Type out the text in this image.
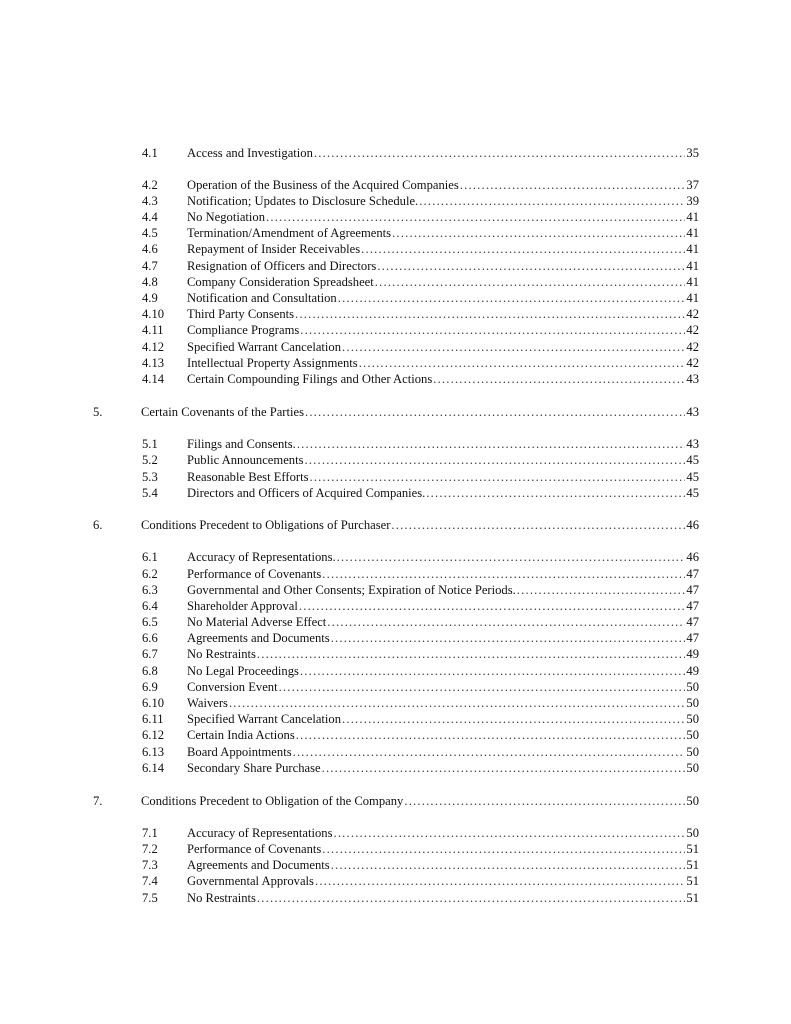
4.1	Access and Investigation .....	35
4.2	Operation of the Business of the Acquired Companies .....	37
4.3	Notification; Updates to Disclosure Schedule. .....	39
4.4	No Negotiation .....	41
4.5	Termination/Amendment of Agreements .....	41
4.6	Repayment of Insider Receivables .....	41
4.7	Resignation of Officers and Directors .....	41
4.8	Company Consideration Spreadsheet .....	41
4.9	Notification and Consultation .....	41
4.10	Third Party Consents .....	42
4.11	Compliance Programs .....	42
4.12	Specified Warrant Cancelation .....	42
4.13	Intellectual Property Assignments .....	42
4.14	Certain Compounding Filings and Other Actions .....	43
5.	Certain Covenants of the Parties .....	43
5.1	Filings and Consents. .....	43
5.2	Public Announcements .....	45
5.3	Reasonable Best Efforts .....	45
5.4	Directors and Officers of Acquired Companies. .....	45
6.	Conditions Precedent to Obligations of Purchaser .....	46
6.1	Accuracy of Representations. .....	46
6.2	Performance of Covenants .....	47
6.3	Governmental and Other Consents; Expiration of Notice Periods. .....	47
6.4	Shareholder Approval .....	47
6.5	No Material Adverse Effect .....	47
6.6	Agreements and Documents .....	47
6.7	No Restraints .....	49
6.8	No Legal Proceedings .....	49
6.9	Conversion Event .....	50
6.10	Waivers .....	50
6.11	Specified Warrant Cancelation .....	50
6.12	Certain India Actions .....	50
6.13	Board Appointments .....	50
6.14	Secondary Share Purchase .....	50
7.	Conditions Precedent to Obligation of the Company .....	50
7.1	Accuracy of Representations .....	50
7.2	Performance of Covenants .....	51
7.3	Agreements and Documents .....	51
7.4	Governmental Approvals .....	51
7.5	No Restraints .....	51
